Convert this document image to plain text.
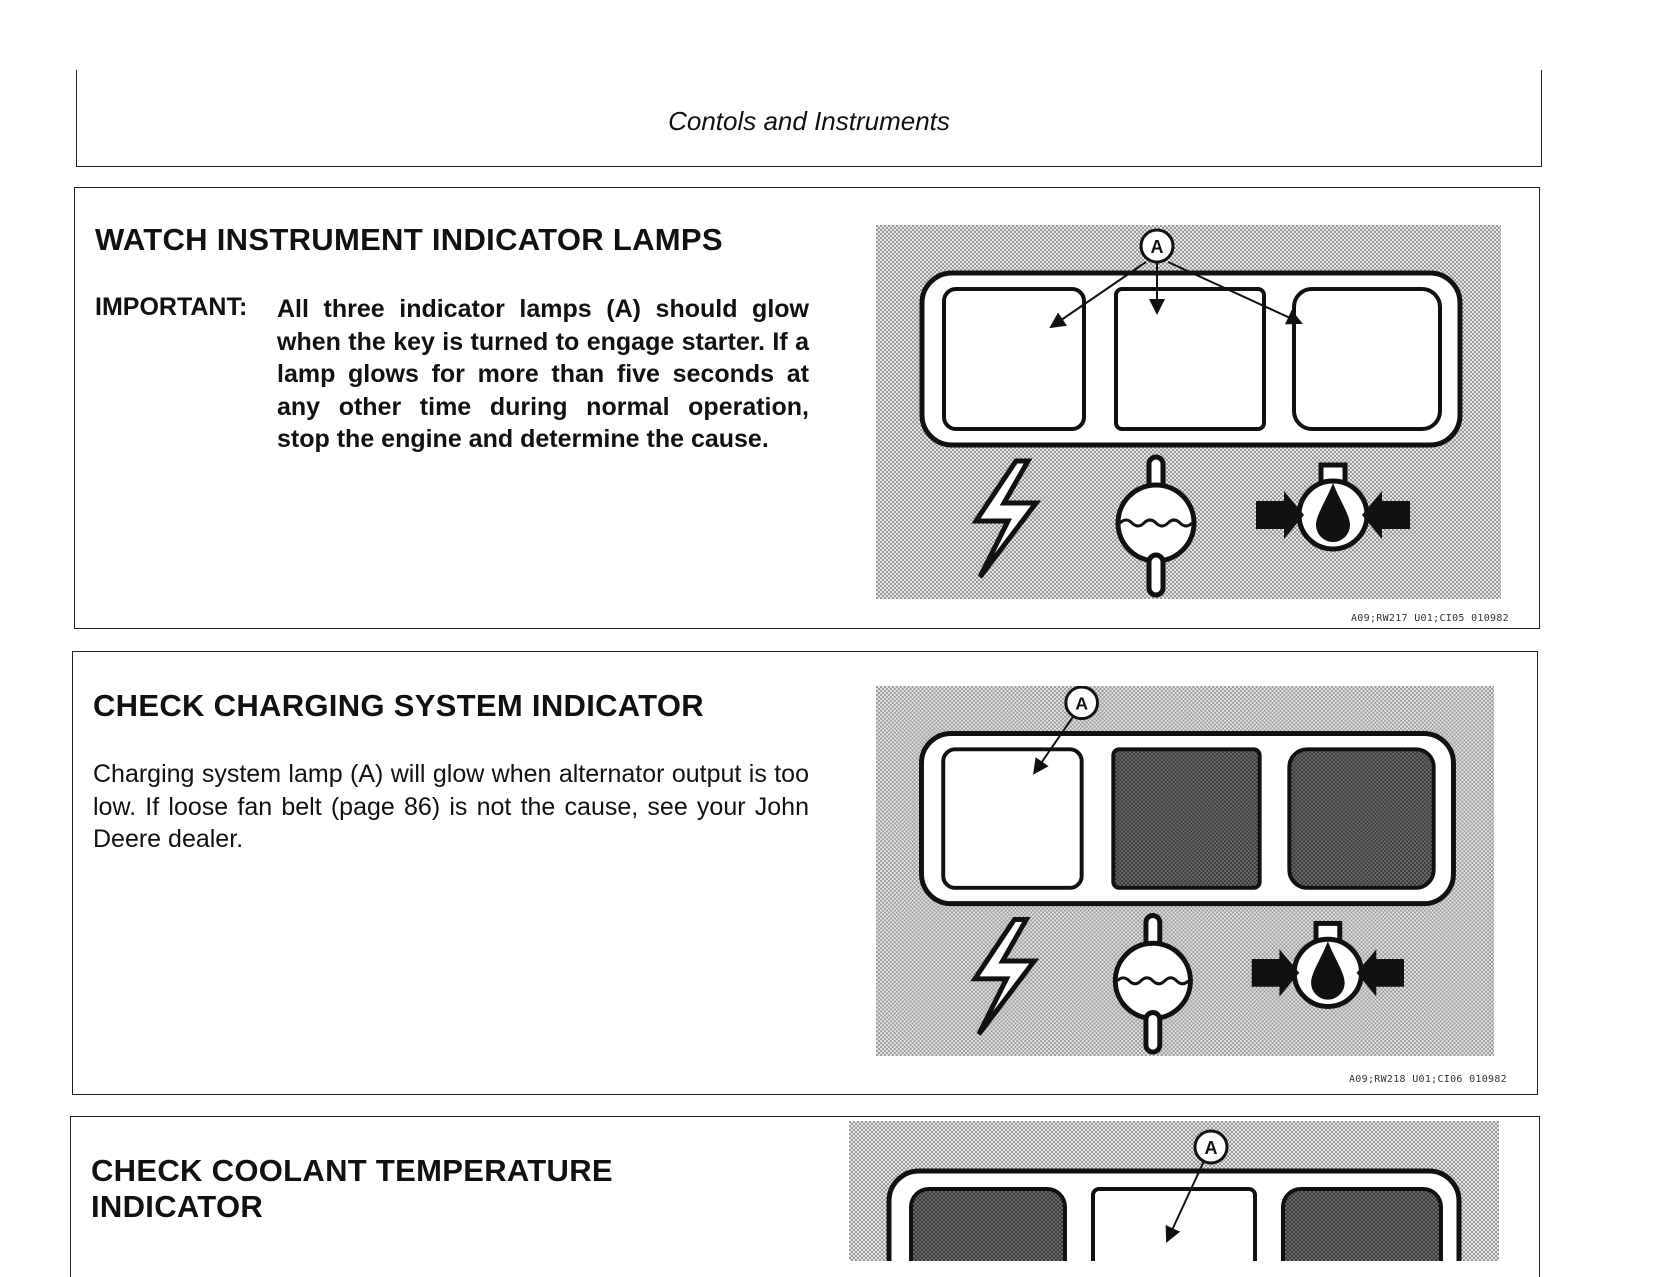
Contols and Instruments
WATCH INSTRUMENT INDICATOR LAMPS
IMPORTANT: All three indicator lamps (A) should glow when the key is turned to engage starter. If a lamp glows for more than five seconds at any other time during normal operation, stop the engine and determine the cause.
A
A09;RW217 U01;CI05 010982
CHECK CHARGING SYSTEM INDICATOR
Charging system lamp (A) will glow when alternator output is too low. If loose fan belt (page 86) is not the cause, see your John Deere dealer.
A
A09;RW218 U01;CI06 010982
CHECK COOLANT TEMPERATURE
INDICATOR
A
